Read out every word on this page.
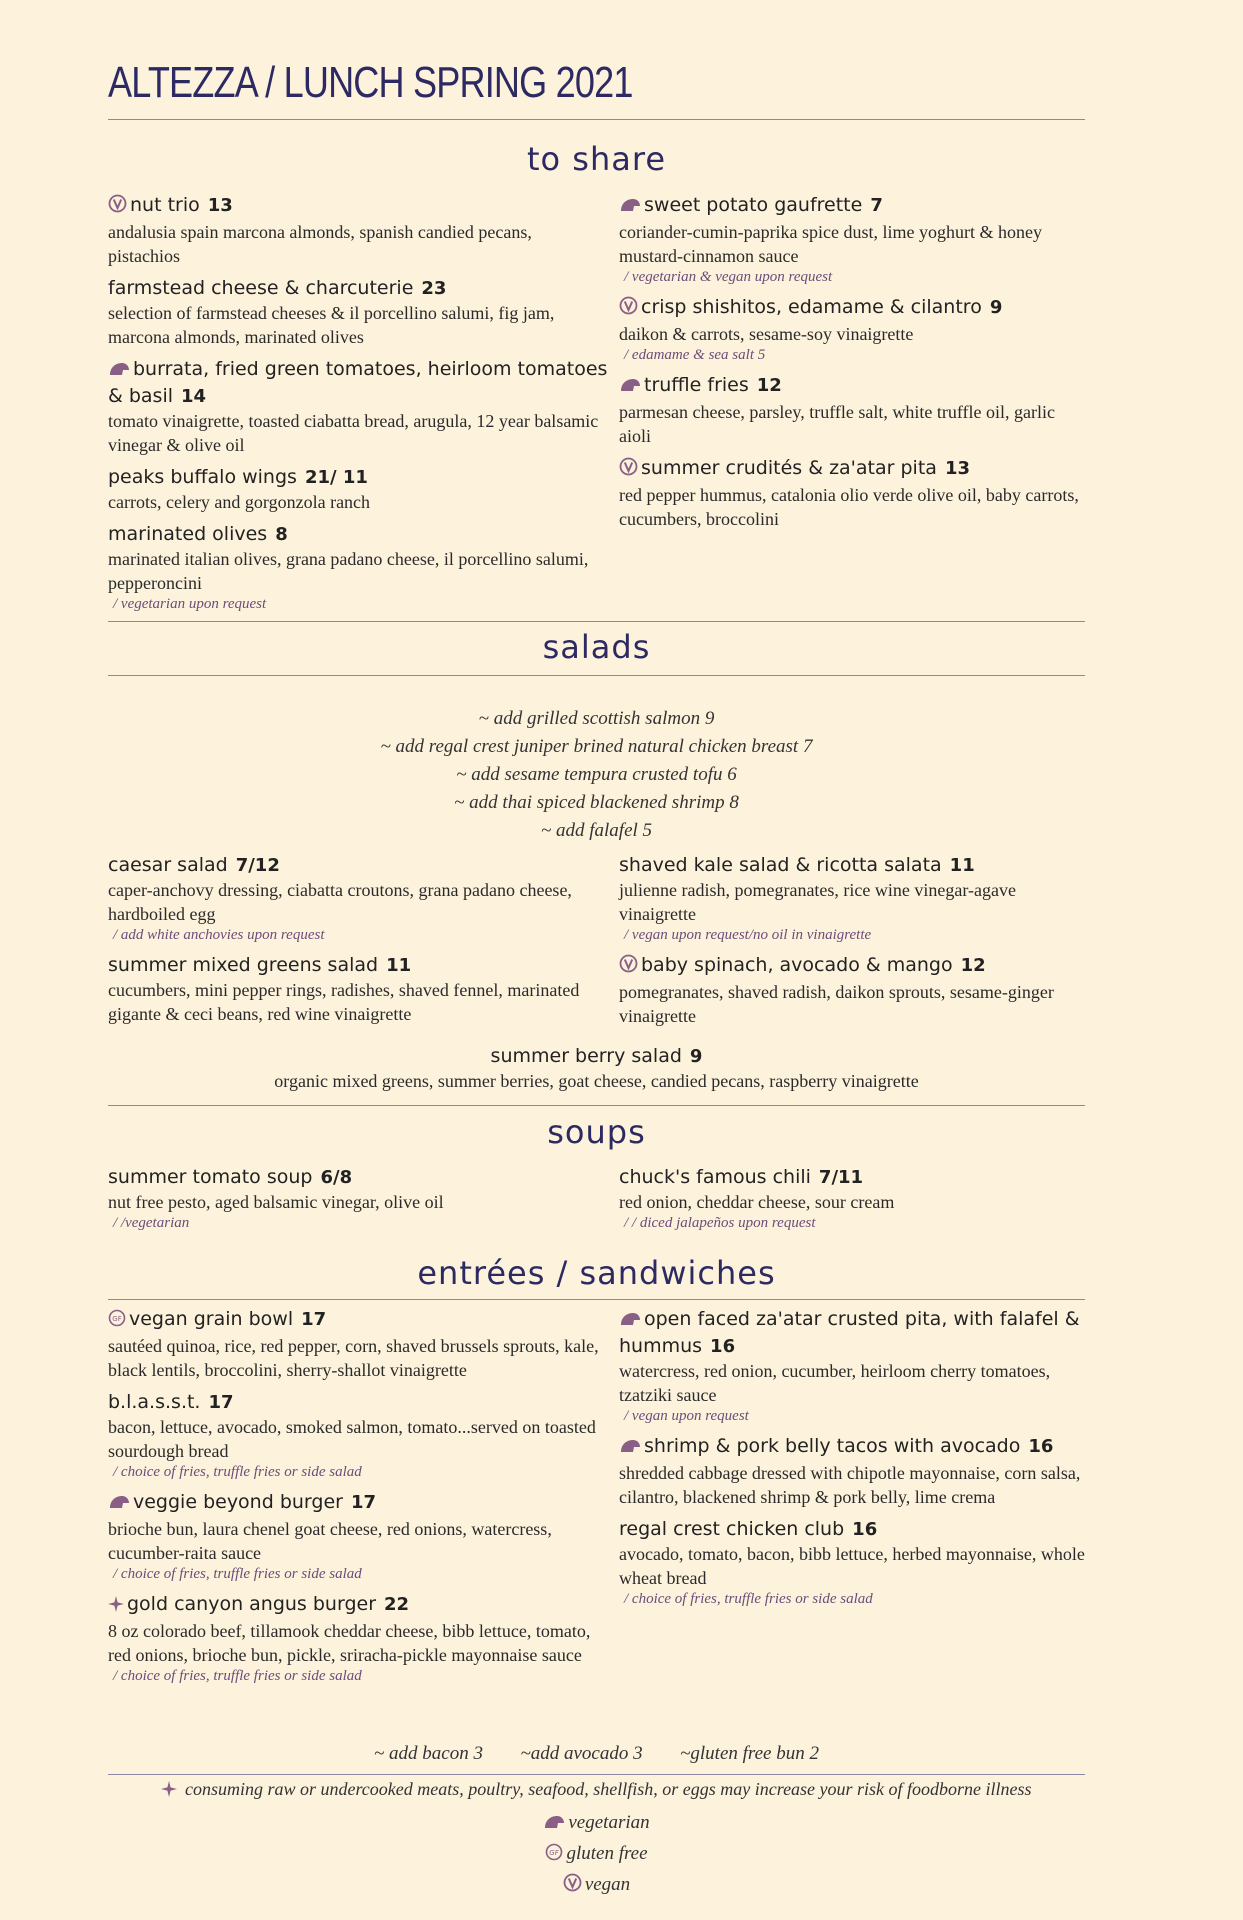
ALTEZZA / LUNCH SPRING 2021
to share
nut trio 13
andalusia spain marcona almonds, spanish candied pecans, pistachios
farmstead cheese & charcuterie 23
selection of farmstead cheeses & il porcellino salumi, fig jam, marcona almonds, marinated olives
burrata, fried green tomatoes, heirloom tomatoes & basil 14
tomato vinaigrette, toasted ciabatta bread, arugula, 12 year balsamic vinegar & olive oil
peaks buffalo wings 21/ 11
carrots, celery and gorgonzola ranch
marinated olives 8
marinated italian olives, grana padano cheese, il porcellino salumi, pepperoncini
/ vegetarian upon request
sweet potato gaufrette 7
coriander-cumin-paprika spice dust, lime yoghurt & honey mustard-cinnamon sauce
/ vegetarian & vegan upon request
crisp shishitos, edamame & cilantro 9
daikon & carrots, sesame-soy vinaigrette
/ edamame & sea salt 5
truffle fries 12
parmesan cheese, parsley, truffle salt, white truffle oil, garlic aioli
summer crudités & za'atar pita 13
red pepper hummus, catalonia olio verde olive oil, baby carrots, cucumbers, broccolini
salads
~ add grilled scottish salmon 9
~ add regal crest juniper brined natural chicken breast 7
~ add sesame tempura crusted tofu 6
~ add thai spiced blackened shrimp 8
~ add falafel 5
caesar salad 7/12
caper-anchovy dressing, ciabatta croutons, grana padano cheese, hardboiled egg
/ add white anchovies upon request
summer mixed greens salad 11
cucumbers, mini pepper rings, radishes, shaved fennel, marinated gigante & ceci beans, red wine vinaigrette
shaved kale salad & ricotta salata 11
julienne radish, pomegranates, rice wine vinegar-agave vinaigrette
/ vegan upon request/no oil in vinaigrette
baby spinach, avocado & mango 12
pomegranates, shaved radish, daikon sprouts, sesame-ginger vinaigrette
summer berry salad 9
organic mixed greens, summer berries, goat cheese, candied pecans, raspberry vinaigrette
soups
summer tomato soup 6/8
nut free pesto, aged balsamic vinegar, olive oil
/ /vegetarian
chuck's famous chili 7/11
red onion, cheddar cheese, sour cream
/ / diced jalapeños upon request
entrées / sandwiches
GF vegan grain bowl 17
sautéed quinoa, rice, red pepper, corn, shaved brussels sprouts, kale, black lentils, broccolini, sherry-shallot vinaigrette
b.l.a.s.s.t. 17
bacon, lettuce, avocado, smoked salmon, tomato...served on toasted sourdough bread
/ choice of fries, truffle fries or side salad
veggie beyond burger 17
brioche bun, laura chenel goat cheese, red onions, watercress, cucumber-raita sauce
/ choice of fries, truffle fries or side salad
gold canyon angus burger 22
8 oz colorado beef, tillamook cheddar cheese, bibb lettuce, tomato, red onions, brioche bun, pickle, sriracha-pickle mayonnaise sauce
/ choice of fries, truffle fries or side salad
open faced za'atar crusted pita, with falafel & hummus 16
watercress, red onion, cucumber, heirloom cherry tomatoes, tzatziki sauce
/ vegan upon request
shrimp & pork belly tacos with avocado 16
shredded cabbage dressed with chipotle mayonnaise, corn salsa, cilantro, blackened shrimp & pork belly, lime crema
regal crest chicken club 16
avocado, tomato, bacon, bibb lettuce, herbed mayonnaise, whole wheat bread
/ choice of fries, truffle fries or side salad
~ add bacon 3 ~add avocado 3 ~gluten free bun 2
consuming raw or undercooked meats, poultry, seafood, shellfish, or eggs may increase your risk of foodborne illness
vegetarian
GF gluten free
vegan
